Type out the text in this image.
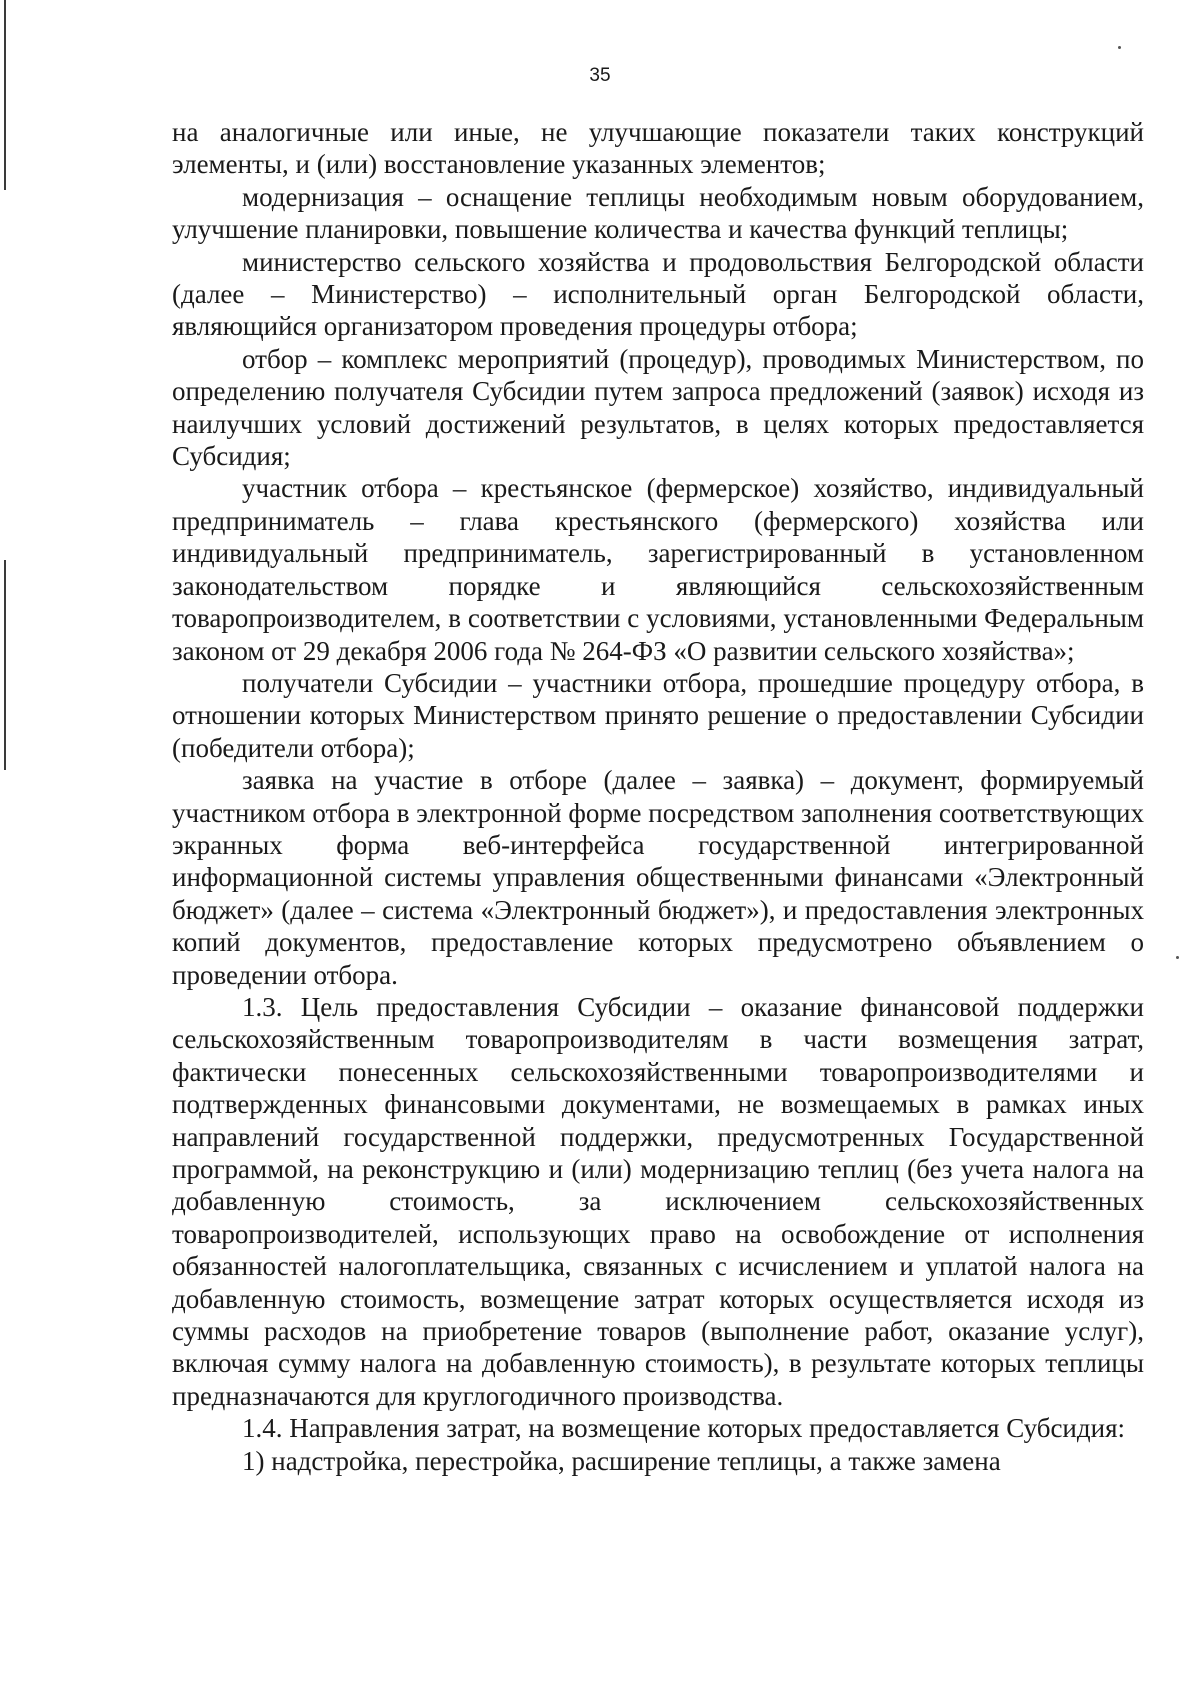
35

на аналогичные или иные, не улучшающие показатели таких конструкций элементы, и (или) восстановление указанных элементов;

модернизация – оснащение теплицы необходимым новым оборудованием, улучшение планировки, повышение количества и качества функций теплицы;

министерство сельского хозяйства и продовольствия Белгородской области (далее – Министерство) – исполнительный орган Белгородской области, являющийся организатором проведения процедуры отбора;

отбор – комплекс мероприятий (процедур), проводимых Министерством, по определению получателя Субсидии путем запроса предложений (заявок) исходя из наилучших условий достижений результатов, в целях которых предоставляется Субсидия;

участник отбора – крестьянское (фермерское) хозяйство, индивидуальный предприниматель – глава крестьянского (фермерского) хозяйства или индивидуальный предприниматель, зарегистрированный в установленном законодательством порядке и являющийся сельскохозяйственным товаропроизводителем, в соответствии с условиями, установленными Федеральным законом от 29 декабря 2006 года № 264-ФЗ «О развитии сельского хозяйства»;

получатели Субсидии – участники отбора, прошедшие процедуру отбора, в отношении которых Министерством принято решение о предоставлении Субсидии (победители отбора);

заявка на участие в отборе (далее – заявка) – документ, формируемый участником отбора в электронной форме посредством заполнения соответствующих экранных форма веб-интерфейса государственной интегрированной информационной системы управления общественными финансами «Электронный бюджет» (далее – система «Электронный бюджет»), и предоставления электронных копий документов, предоставление которых предусмотрено объявлением о проведении отбора.

1.3. Цель предоставления Субсидии – оказание финансовой поддержки сельскохозяйственным товаропроизводителям в части возмещения затрат, фактически понесенных сельскохозяйственными товаропроизводителями и подтвержденных финансовыми документами, не возмещаемых в рамках иных направлений государственной поддержки, предусмотренных Государственной программой, на реконструкцию и (или) модернизацию теплиц (без учета налога на добавленную стоимость, за исключением сельскохозяйственных товаропроизводителей, использующих право на освобождение от исполнения обязанностей налогоплательщика, связанных с исчислением и уплатой налога на добавленную стоимость, возмещение затрат которых осуществляется исходя из суммы расходов на приобретение товаров (выполнение работ, оказание услуг), включая сумму налога на добавленную стоимость), в результате которых теплицы предназначаются для круглогодичного производства.

1.4. Направления затрат, на возмещение которых предоставляется Субсидия:

1) надстройка, перестройка, расширение теплицы, а также замена
